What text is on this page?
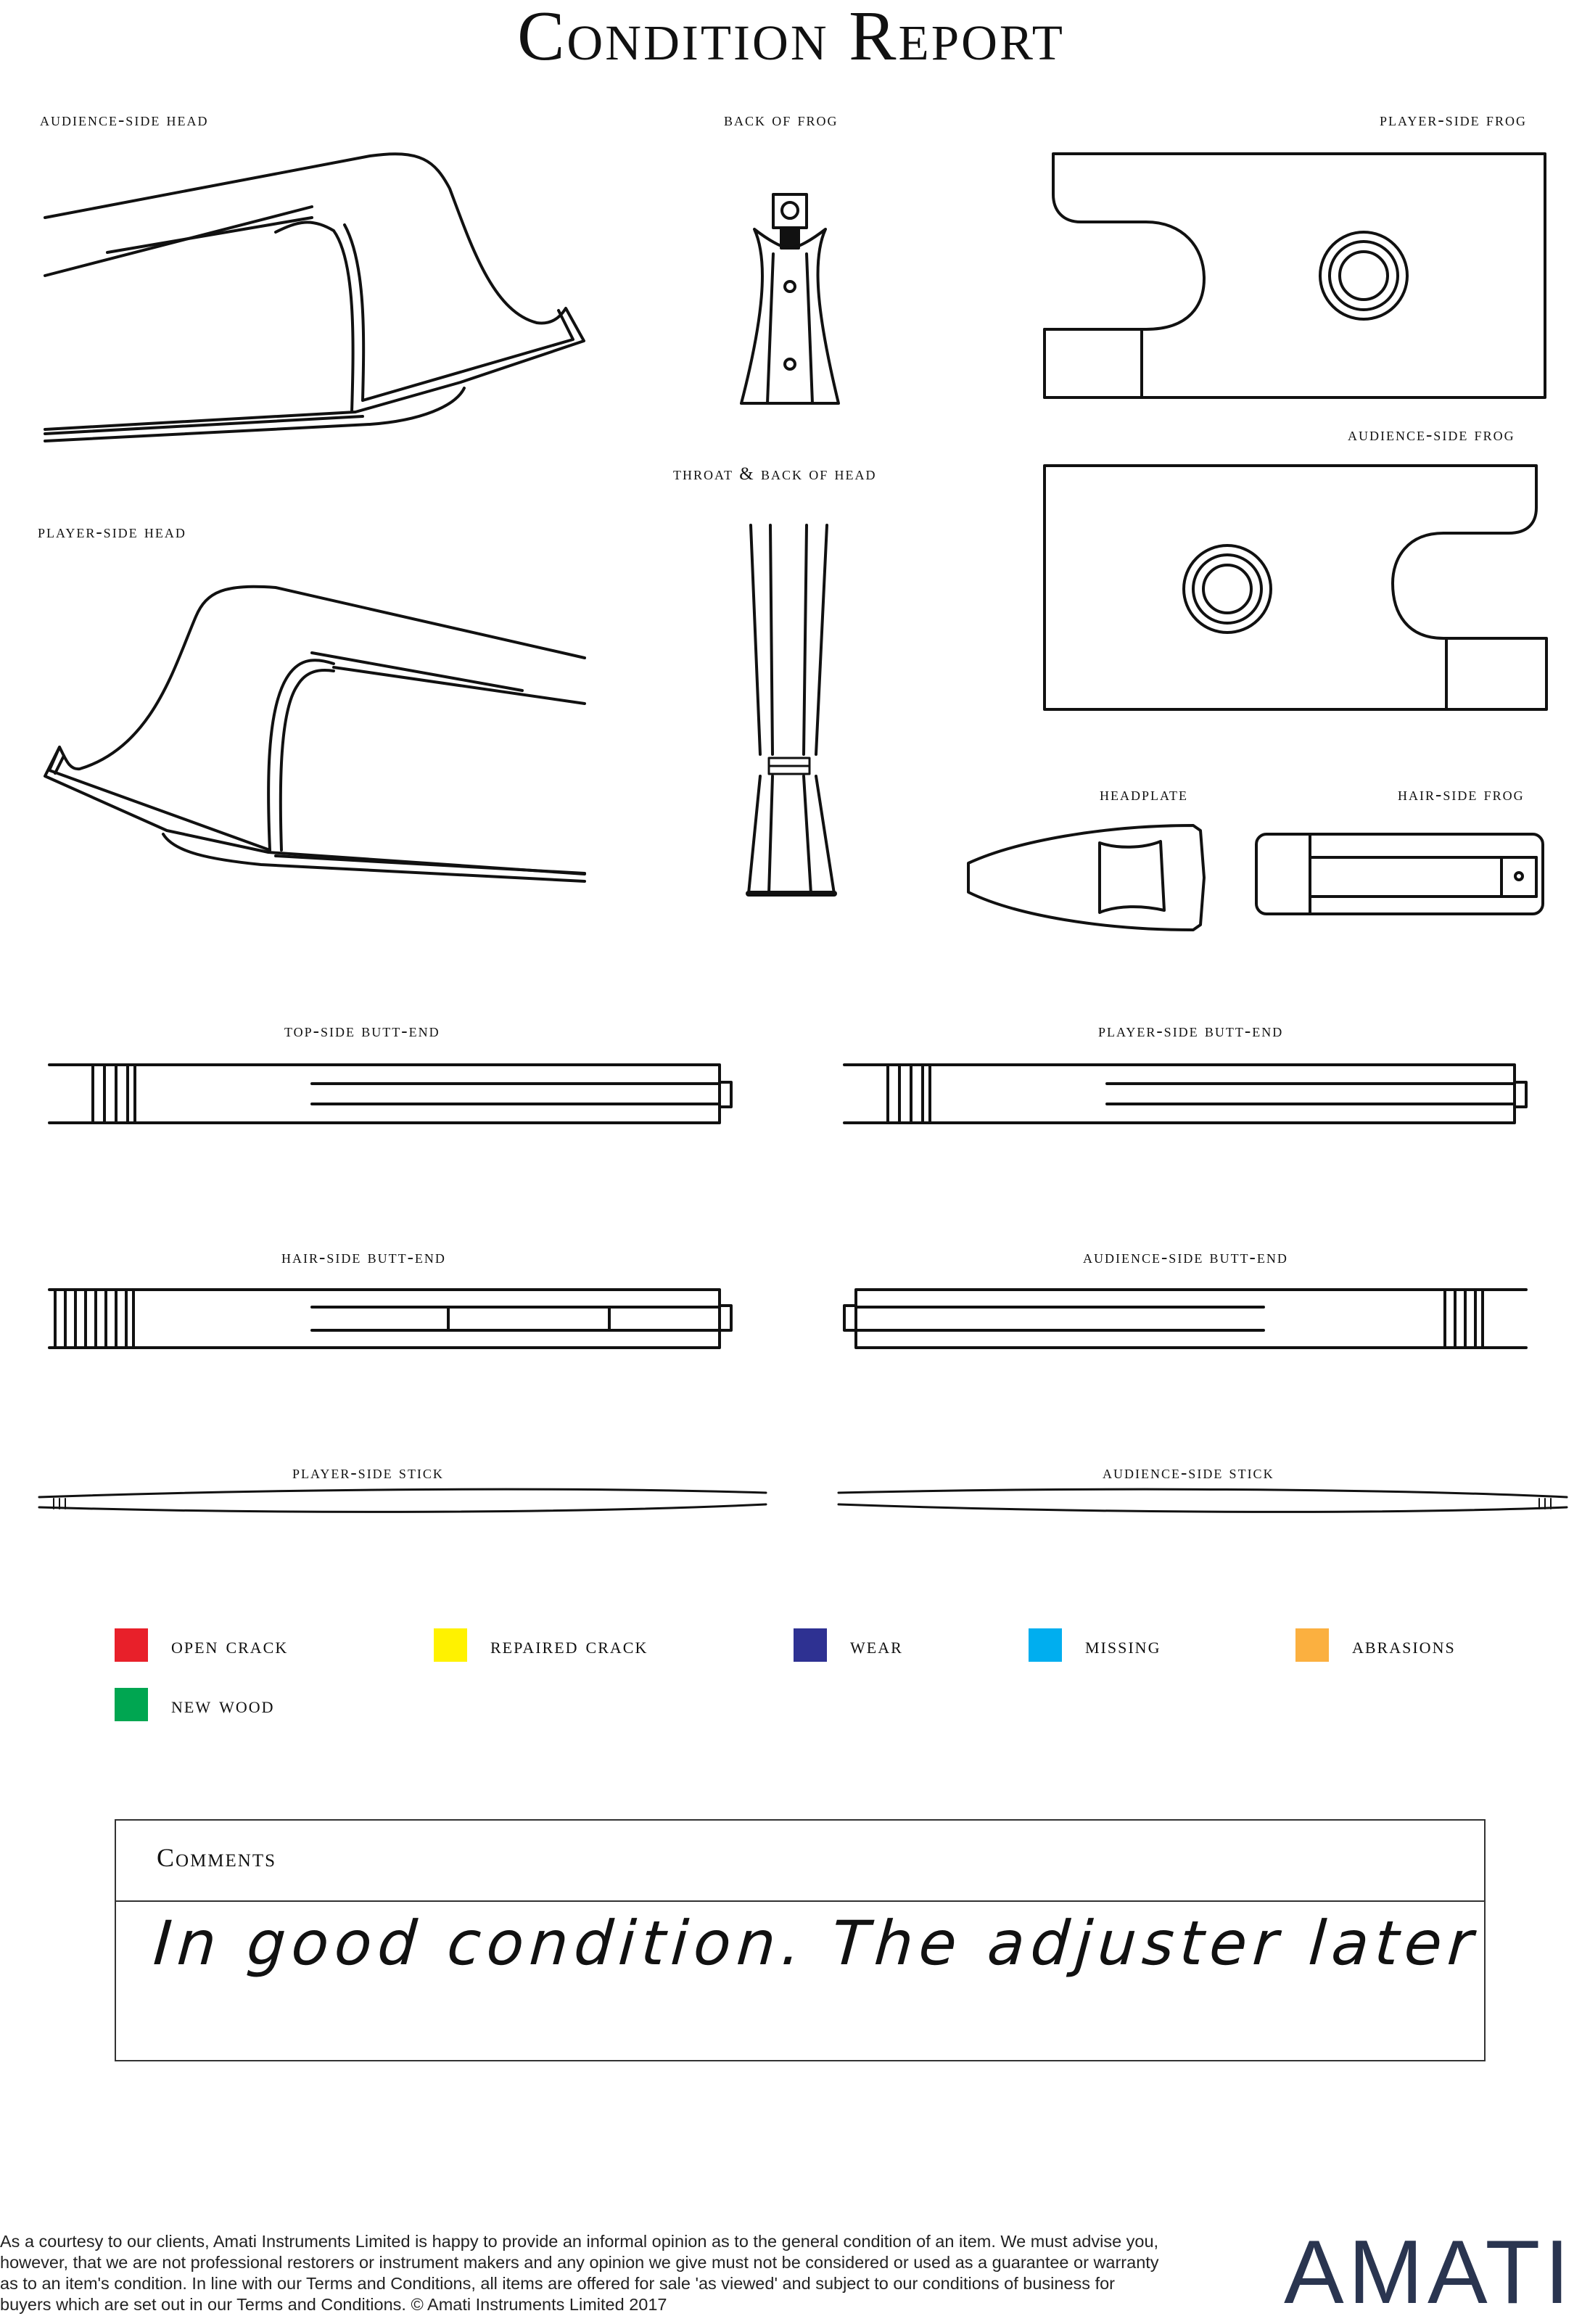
Condition Report
audience-side head	back of frog	player-side frog
audience-side frog
throat & back of head
player-side head
headplate	hair-side frog
top-side butt-end	player-side butt-end
hair-side butt-end	audience-side butt-end
player-side stick	audience-side stick
open crack	repaired crack	wear	missing	abrasions
new wood
Comments
In good condition. The adjuster later
As a courtesy to our clients, Amati Instruments Limited is happy to provide an informal opinion as to the general condition of an item. We must advise you, however, that we are not professional restorers or instrument makers and any opinion we give must not be considered or used as a guarantee or warranty as to an item's condition. In line with our Terms and Conditions, all items are offered for sale 'as viewed' and subject to our conditions of business for buyers which are set out in our Terms and Conditions. © Amati Instruments Limited 2017	AMATI
